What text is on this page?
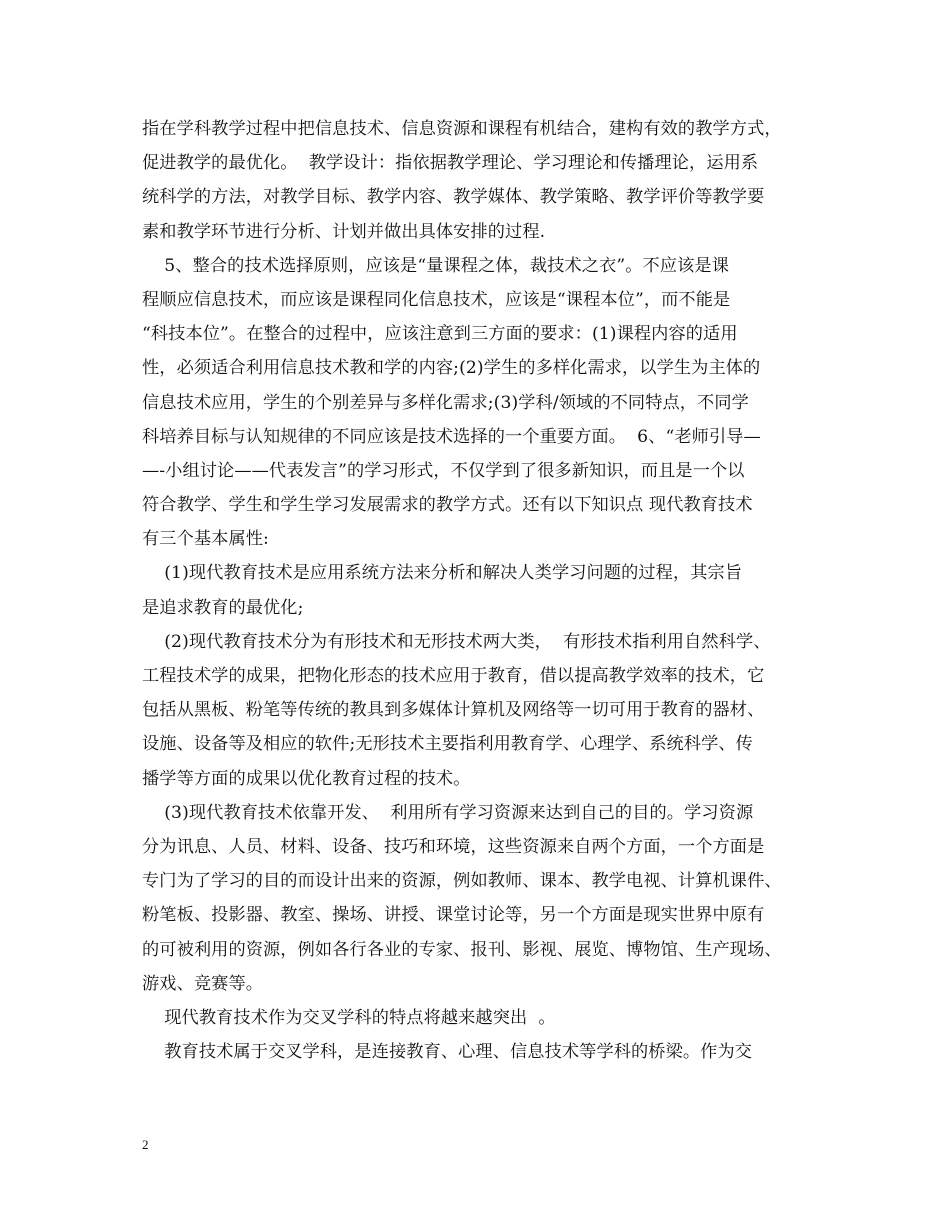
指在学科教学过程中把信息技术、信息资源和课程有机结合，建构有效的教学方式，
促进教学的最优化。  教学设计：指依据教学理论、学习理论和传播理论，运用系
统科学的方法，对教学目标、教学内容、教学媒体、教学策略、教学评价等教学要
素和教学环节进行分析、计划并做出具体安排的过程.
5、整合的技术选择原则，应该是“量课程之体，裁技术之衣”。不应该是课
程顺应信息技术，而应该是课程同化信息技术，应该是“课程本位”，而不能是
“科技本位”。在整合的过程中，应该注意到三方面的要求：(1)课程内容的适用
性，必须适合利用信息技术教和学的内容;(2)学生的多样化需求，以学生为主体的
信息技术应用，学生的个别差异与多样化需求;(3)学科/领域的不同特点，不同学
科培养目标与认知规律的不同应该是技术选择的一个重要方面。  6、“老师引导—
—-小组讨论——代表发言”的学习形式，不仅学到了很多新知识，而且是一个以
符合教学、学生和学生学习发展需求的教学方式。还有以下知识点 现代教育技术
有三个基本属性:
(1)现代教育技术是应用系统方法来分析和解决人类学习问题的过程，其宗旨
是追求教育的最优化;
(2)现代教育技术分为有形技术和无形技术两大类，  有形技术指利用自然科学、
工程技术学的成果，把物化形态的技术应用于教育，借以提高教学效率的技术，它
包括从黑板、粉笔等传统的教具到多媒体计算机及网络等一切可用于教育的器材、
设施、设备等及相应的软件;无形技术主要指利用教育学、心理学、系统科学、传
播学等方面的成果以优化教育过程的技术。
(3)现代教育技术依靠开发、  利用所有学习资源来达到自己的目的。学习资源
分为讯息、人员、材料、设备、技巧和环境，这些资源来自两个方面，一个方面是
专门为了学习的目的而设计出来的资源，例如教师、课本、教学电视、计算机课件、
粉笔板、投影器、教室、操场、讲授、课堂讨论等，另一个方面是现实世界中原有
的可被利用的资源，例如各行各业的专家、报刊、影视、展览、博物馆、生产现场、
游戏、竞赛等。
现代教育技术作为交叉学科的特点将越来越突出  。
教育技术属于交叉学科，是连接教育、心理、信息技术等学科的桥梁。作为交
2
